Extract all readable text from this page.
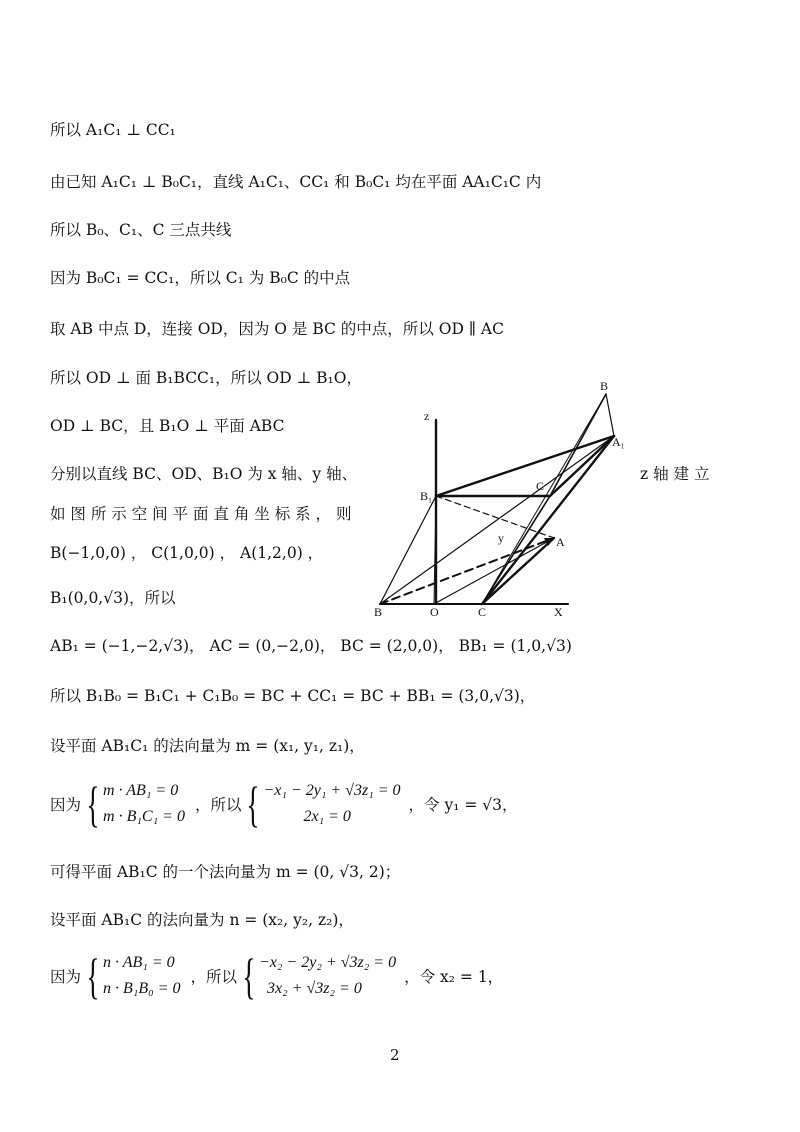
所以 A₁C₁ ⊥ CC₁
由已知 A₁C₁ ⊥ B₀C₁，直线 A₁C₁、CC₁ 和 B₀C₁ 均在平面 AA₁C₁C 内
所以 B₀、C₁、C 三点共线
因为 B₀C₁ = CC₁，所以 C₁ 为 B₀C 的中点
取 AB 中点 D，连接 OD，因为 O 是 BC 的中点，所以 OD ∥ AC
所以 OD ⊥ 面 B₁BCC₁，所以 OD ⊥ B₁O，
OD ⊥ BC，且 B₁O ⊥ 平面 ABC
分别以直线 BC、OD、B₁O 为 x 轴、y 轴、	z 轴 建 立
如 图 所 示 空 间 平 面 直 角 坐 标 系 ， 则
B(−1,0,0) ， C(1,0,0) ， A(1,2,0) ，
B₁(0,0,√3)，所以
AB₁ = (−1,−2,√3)， AC = (0,−2,0)， BC = (2,0,0)， BB₁ = (1,0,√3)
所以 B₁B₀ = B₁C₁ + C₁B₀ = BC + CC₁ = BC + BB₁ = (3,0,√3)，
设平面 AB₁C₁ 的法向量为 m = (x₁, y₁, z₁)，
因为 { m · AB₁ = 0
m · B₁C₁ = 0
，所以 { −x₁ − 2y₁ + √3z₁ = 0
2x₁ = 0
，令 y₁ = √3，
可得平面 AB₁C 的一个法向量为 m = (0, √3, 2)；
设平面 AB₁C 的法向量为 n = (x₂, y₂, z₂)，
因为 { n · AB₁ = 0
n · B₁B₀ = 0
，所以 { −x₂ − 2y₂ + √3z₂ = 0
3x₂ + √3z₂ = 0
，令 x₂ = 1，
z
B
A₁
B₁
C
y	A
B	O	C	X
2
